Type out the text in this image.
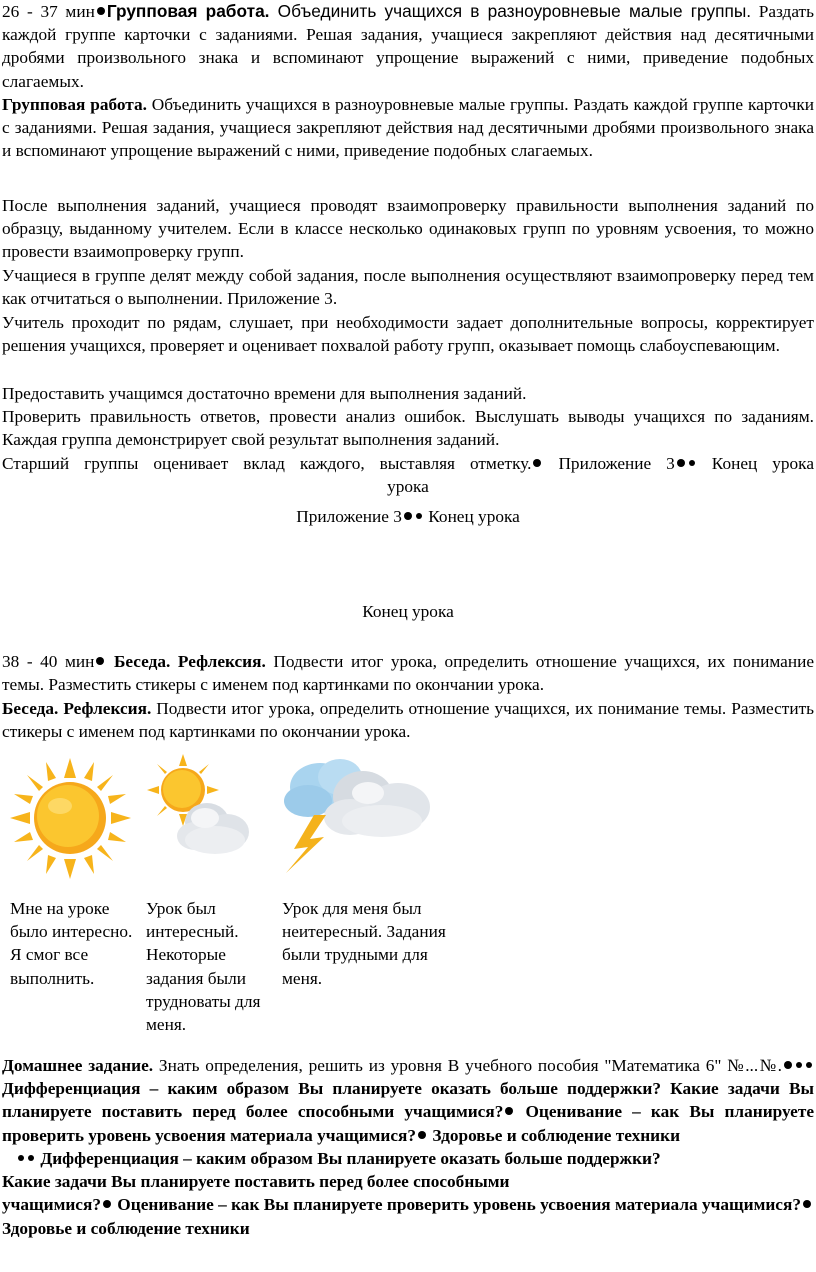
26 - 37 мин Групповая работа. Объединить учащихся в разноуровневые малые группы. Раздать каждой группе карточки с заданиями. Решая задания, учащиеся закрепляют действия над десятичными дробями произвольного знака и вспоминают упрощение выражений с ними, приведение подобных слагаемых.

Групповая работа. Объединить учащихся в разноуровневые малые группы. Раздать каждой группе карточки с заданиями. Решая задания, учащиеся закрепляют действия над десятичными дробями произвольного знака и вспоминают упрощение выражений с ними, приведение подобных слагаемых.

После выполнения заданий, учащиеся проводят взаимопроверку правильности выполнения заданий по образцу, выданному учителем. Если в классе несколько одинаковых групп по уровням усвоения, то можно провести взаимопроверку групп.

Учащиеся в группе делят между собой задания, после выполнения осуществляют взаимопроверку перед тем как отчитаться о выполнении. Приложение 3.

Учитель проходит по рядам, слушает, при необходимости задает дополнительные вопросы, корректирует решения учащихся, проверяет и оценивает похвалой работу групп, оказывает помощь слабоуспевающим.

Предоставить учащимся достаточно времени для выполнения заданий.

Проверить правильность ответов, провести анализ ошибок. Выслушать выводы учащихся по заданиям. Каждая группа демонстрирует свой результат выполнения заданий.

Старший группы оценивает вклад каждого, выставляя отметку. Приложение 3 Конец урока

урока

Приложение 3 Конец урока

Конец урока

38 - 40 мин Беседа. Рефлексия. Подвести итог урока, определить отношение учащихся, их понимание темы. Разместить стикеры с именем под картинками по окончании урока.

Беседа. Рефлексия. Подвести итог урока, определить отношение учащихся, их понимание темы. Разместить стикеры с именем под картинками по окончании урока.

Мне на уроке было интересно. Я смог все выполнить.

Урок был интересный. Некоторые задания были трудноваты для меня.

Урок для меня был неитересный. Задания были трудными для меня.

Домашнее задание. Знать определения, решить из уровня В учебного пособия "Математика 6" №...№. Дифференциация – каким образом Вы планируете оказать больше поддержки? Какие задачи Вы планируете поставить перед более способными учащимися? Оценивание – как Вы планируете проверить уровень усвоения материала учащимися? Здоровье и соблюдение техники

Дифференциация – каким образом Вы планируете оказать больше поддержки?
Какие задачи Вы планируете поставить перед более способными
учащимися? Оценивание – как Вы планируете проверить уровень усвоения материала учащимися? Здоровье и соблюдение техники
